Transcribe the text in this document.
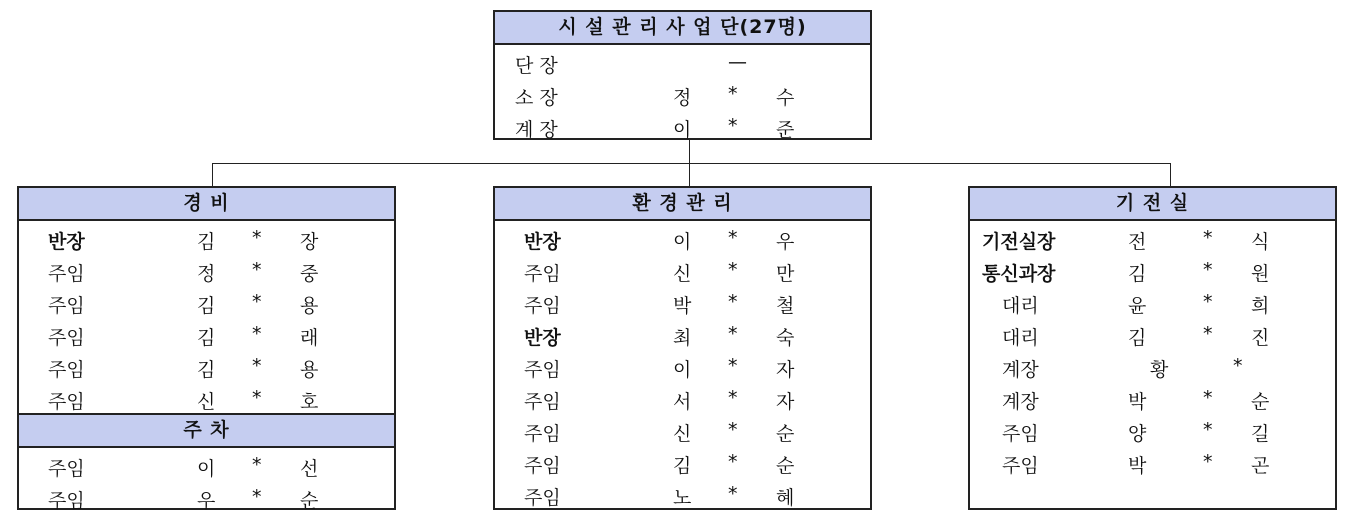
시 설 관 리 사 업 단(27명)
단 장	—
소 장	정 * 수
계 장	이 * 준
경 비
반장	김 * 장
주임	정 * 중
주임	김 * 용
주임	김 * 래
주임	김 * 용
주임	신 * 호
주 차
주임	이 * 선
주임	우 * 순
환 경 관 리
반장	이 * 우
주임	신 * 만
주임	박 * 철
반장	최 * 숙
주임	이 * 자
주임	서 * 자
주임	신 * 순
주임	김 * 순
주임	노 * 혜
기 전 실
기전실장	전	* 식
통신과장	김	* 원
대리	윤	* 희
대리	김	* 진
계장	황	*
계장	박	* 순
주임	양	* 길
주임	박	* 곤
